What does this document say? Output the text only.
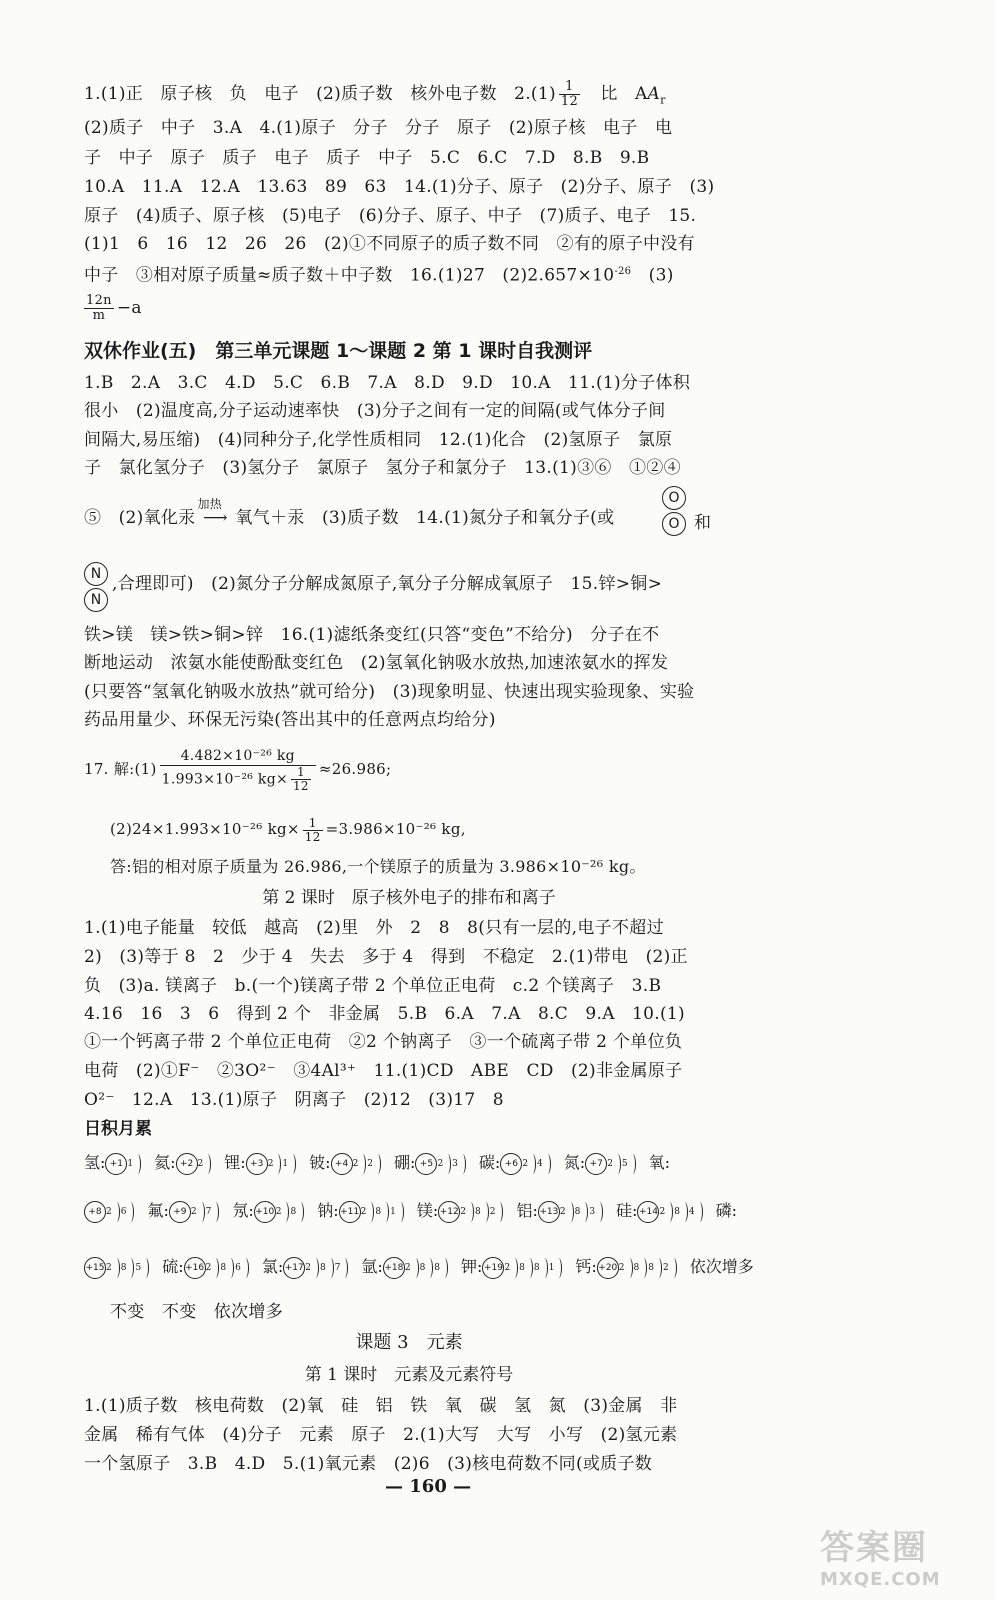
1.(1)正　原子核　负　电子　(2)质子数　核外电子数　$2.(1) \frac{1}{12}$ 　比　$AA_r$
(2)质子　中子　3.A　4.(1)原子　分子　分子　原子　(2)原子核　电子　电
子　中子　原子　质子　电子　质子　中子　5.C　6.C　7.D　8.B　9.B
10.A　11.A　12.A　13.63　89　63　14.(1)分子、原子　(2)分子、原子　(3)
原子　(4)质子、原子核　(5)电子　(6)分子、原子、中子　(7)质子、电子　15.
(1)1　6　16　12　26　26　(2)①不同原子的质子数不同　②有的原子中没有
中子　③相对原子质量≈质子数＋中子数　16.(1)27　$(2)2.657\times 10^{-26}$　(3)
$\frac{12n}{m} -a$
双休作业(五)　第三单元课题 1～课题 2 第 1 课时自我测评
1.B　2.A　3.C　4.D　5.C　6.B　7.A　8.D　9.D　10.A　11.(1)分子体积
很小　(2)温度高,分子运动速率快　(3)分子之间有一定的间隔(或气体分子间
间隔大,易压缩)　(4)同种分子,化学性质相同　12.(1)化合　(2)氢原子　氯原
子　氯化氢分子　(3)氢分子　氯原子　氢分子和氯分子　13.(1)③⑥　①②④
⑤　(2)氧化汞
加热
⟶ 氧气＋汞　(3)质子数　14.(1)氮分子和氧分子(或
O
O 和
N
N
,合理即可)　(2)氮分子分解成氮原子,氧分子分解成氧原子　15.锌>铜>
铁>镁　镁>铁>铜>锌　16.(1)滤纸条变红(只答“变色”不给分)　分子在不
断地运动　浓氨水能使酚酞变红色　(2)氢氧化钠吸水放热,加速浓氨水的挥发
(只要答“氢氧化钠吸水放热”就可给分)　(3)现象明显、快速出现实验现象、实验
药品用量少、环保无污染(答出其中的任意两点均给分)
17. 解:(1) $\frac{\text{4.482×10⁻²⁶ kg}}{1.993\times 10^{-26} kg\times \frac{1}{12}} \approx 26.986$;
(2)24×1.993×10⁻²⁶ $kg\times \frac{1}{12} =3.986\times 10^{-26}$ kg,
答:铝的相对原子质量为 26.986,一个镁原子的质量为 3.986×10⁻²⁶ kg。
第 2 课时　原子核外电子的排布和离子
1.(1)电子能量　较低　越高　(2)里　外　2　8　8(只有一层的,电子不超过
2)　(3)等于 8　2　少于 4　失去　多于 4　得到　不稳定　2.(1)带电　(2)正
负　(3)a. 镁离子　b.(一个)镁离子带 2 个单位正电荷　c.2 个镁离子　3.B
4.16　16　3　6　得到 2 个　非金属　5.B　6.A　7.A　8.C　9.A　10.(1)
①一个钙离子带 2 个单位正电荷　②2 个钠离子　③一个硫离子带 2 个单位负
电荷　(2)①F⁻　②3O²⁻　③4Al³⁺　11.(1)CD　ABE　CD　(2)非金属原子
O²⁻　12.A　13.(1)原子　阴离子　(2)12　(3)17　8
日积月累
氢: +1 1 氦: +2 2 锂: +3 2 1 铍: +4 2 2 硼: +5 2 3 碳: +6 2 4 氮: +7 2 5 氧:
+8 2 6 氟: +9 2 7 氖: +10 2 8 钠: +11 2 8 1 镁: +12 2 8 2 铝: +13 2 8 3 硅: +14 2 8 4 磷:
+15 2 8 5 硫: +16 2 8 6 氯: +17 2 8 7 氩: +18 2 8 8 钾: +19 2 8 8 1 钙: +20 2 8 8 2 依次增多
不变　不变　依次增多
课题 3　元素
第 1 课时　元素及元素符号
1.(1)质子数　核电荷数　(2)氧　硅　铝　铁　氧　碳　氢　氮　(3)金属　非
金属　稀有气体　(4)分子　元素　原子　2.(1)大写　大写　小写　(2)氢元素
一个氢原子　3.B　4.D　5.(1)氧元素　(2)6　(3)核电荷数不同(或质子数
— 160 —
答案圈
MXQE.COM
